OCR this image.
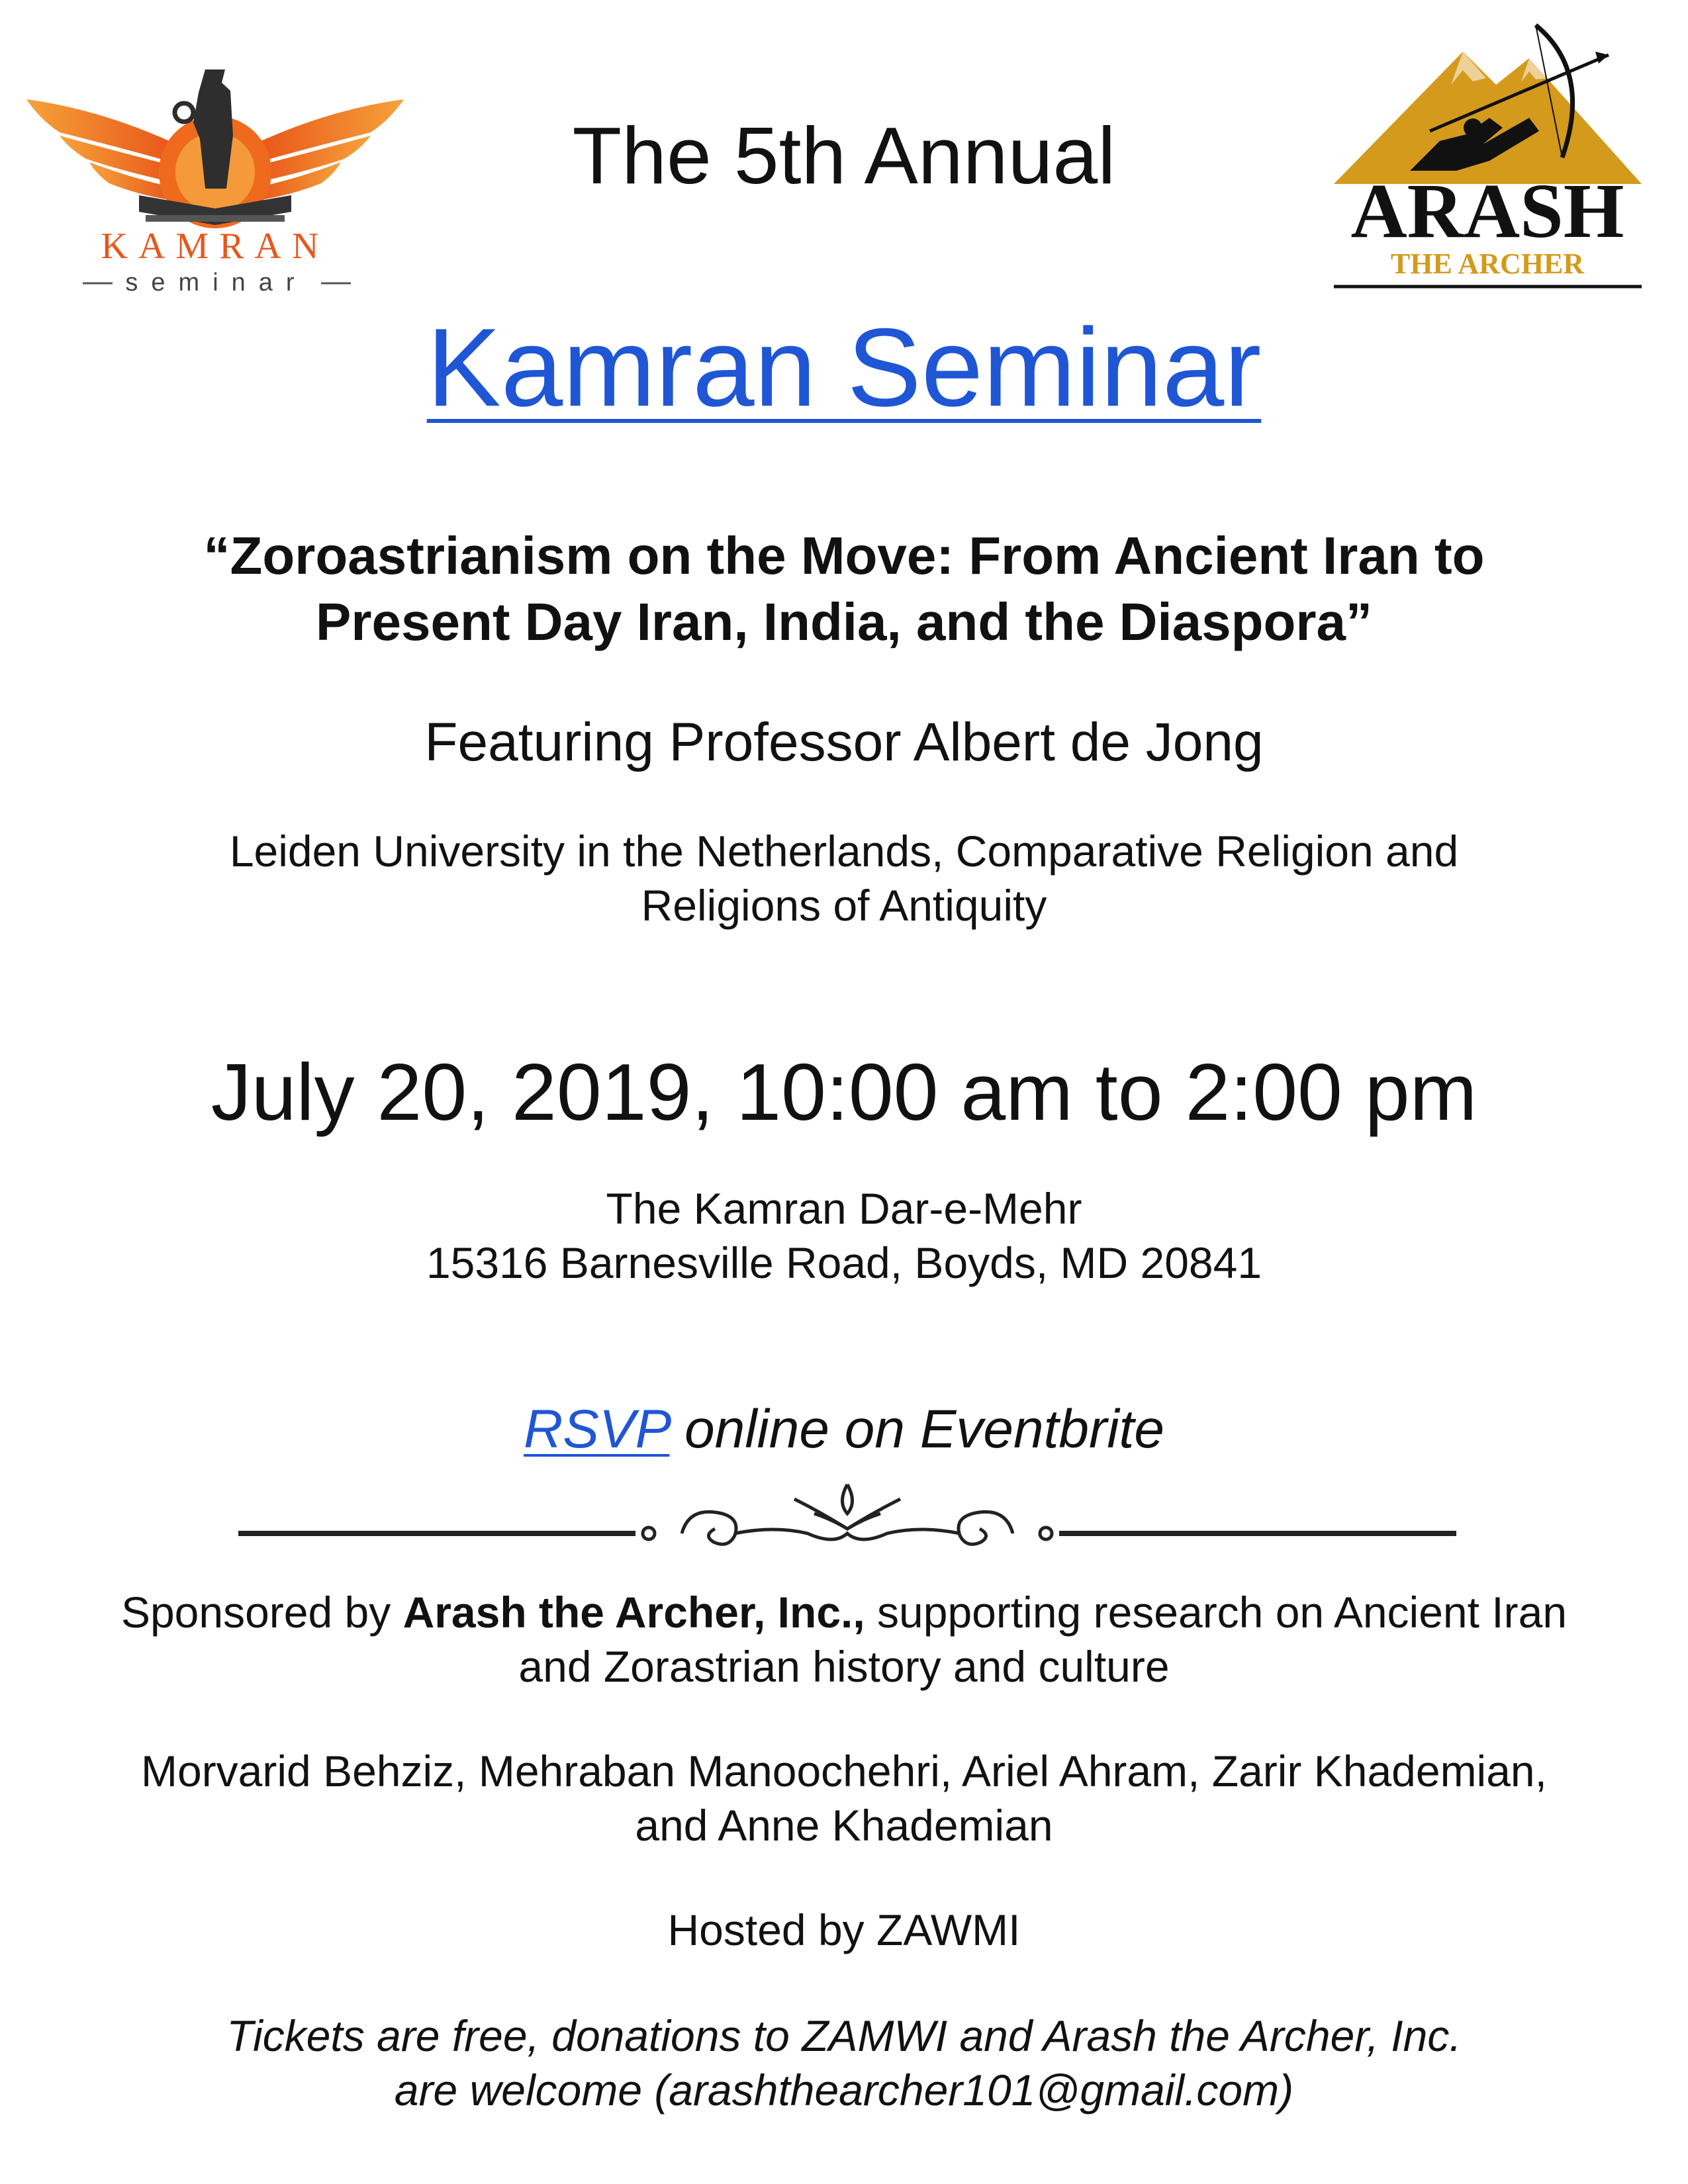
KAMRAN
seminar
ARASH
THE ARCHER
The 5th Annual
Kamran Seminar
“Zoroastrianism on the Move: From Ancient Iran to
Present Day Iran, India, and the Diaspora”
Featuring Professor Albert de Jong
Leiden University in the Netherlands, Comparative Religion and
Religions of Antiquity
July 20, 2019, 10:00 am to 2:00 pm
The Kamran Dar-e-Mehr
15316 Barnesville Road, Boyds, MD 20841
RSVP online on Eventbrite
Sponsored by Arash the Archer, Inc., supporting research on Ancient Iran
and Zorastrian history and culture
Morvarid Behziz, Mehraban Manoochehri, Ariel Ahram, Zarir Khademian,
and Anne Khademian
Hosted by ZAWMI
Tickets are free, donations to ZAMWI and Arash the Archer, Inc.
are welcome (arashthearcher101@gmail.com)
